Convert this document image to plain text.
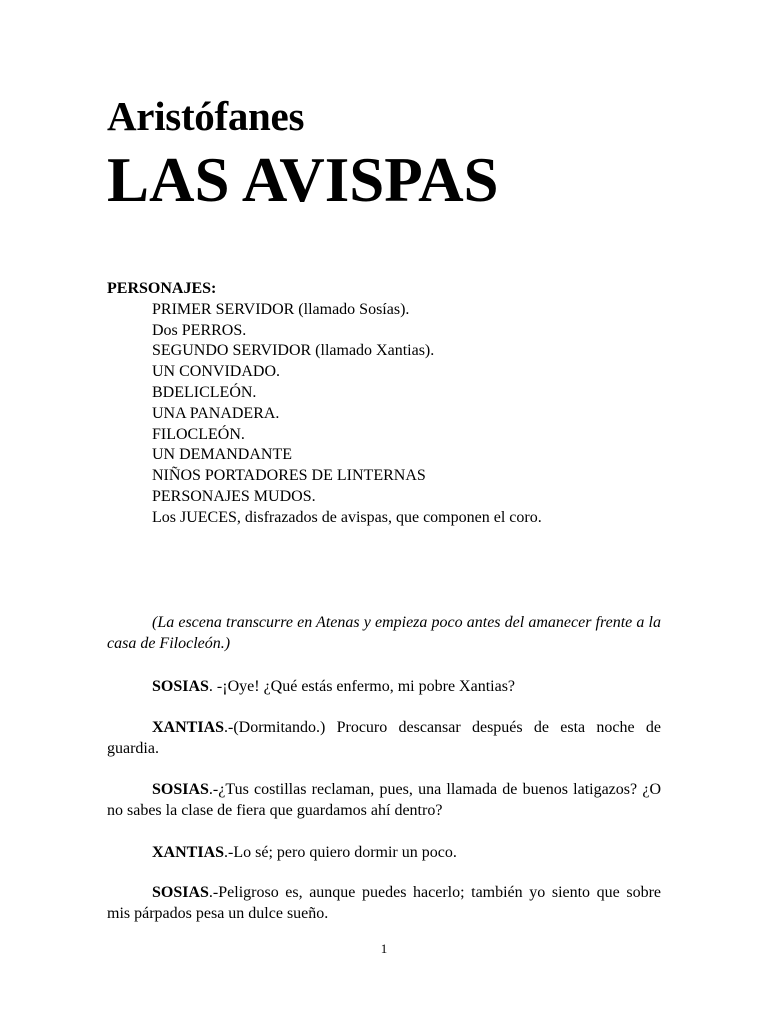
Aristófanes
LAS AVISPAS

PERSONAJES:

PRIMER SERVIDOR (llamado Sosías).
Dos PERROS.
SEGUNDO SERVIDOR (llamado Xantias).
UN CONVIDADO.
BDELICLEÓN.
UNA PANADERA.
FILOCLEÓN.
UN DEMANDANTE
NIÑOS PORTADORES DE LINTERNAS
PERSONAJES MUDOS.
Los JUECES, disfrazados de avispas, que componen el coro.

(La escena transcurre en Atenas y empieza poco antes del amanecer frente a la casa de Filocleón.)

SOSIAS. -¡Oye! ¿Qué estás enfermo, mi pobre Xantias?

XANTIAS.-(Dormitando.) Procuro descansar después de esta noche de guardia.

SOSIAS.-¿Tus costillas reclaman, pues, una llamada de buenos latigazos? ¿O no sabes la clase de fiera que guardamos ahí dentro?

XANTIAS.-Lo sé; pero quiero dormir un poco.

SOSIAS.-Peligroso es, aunque puedes hacerlo; también yo siento que sobre mis párpados pesa un dulce sueño.

1
